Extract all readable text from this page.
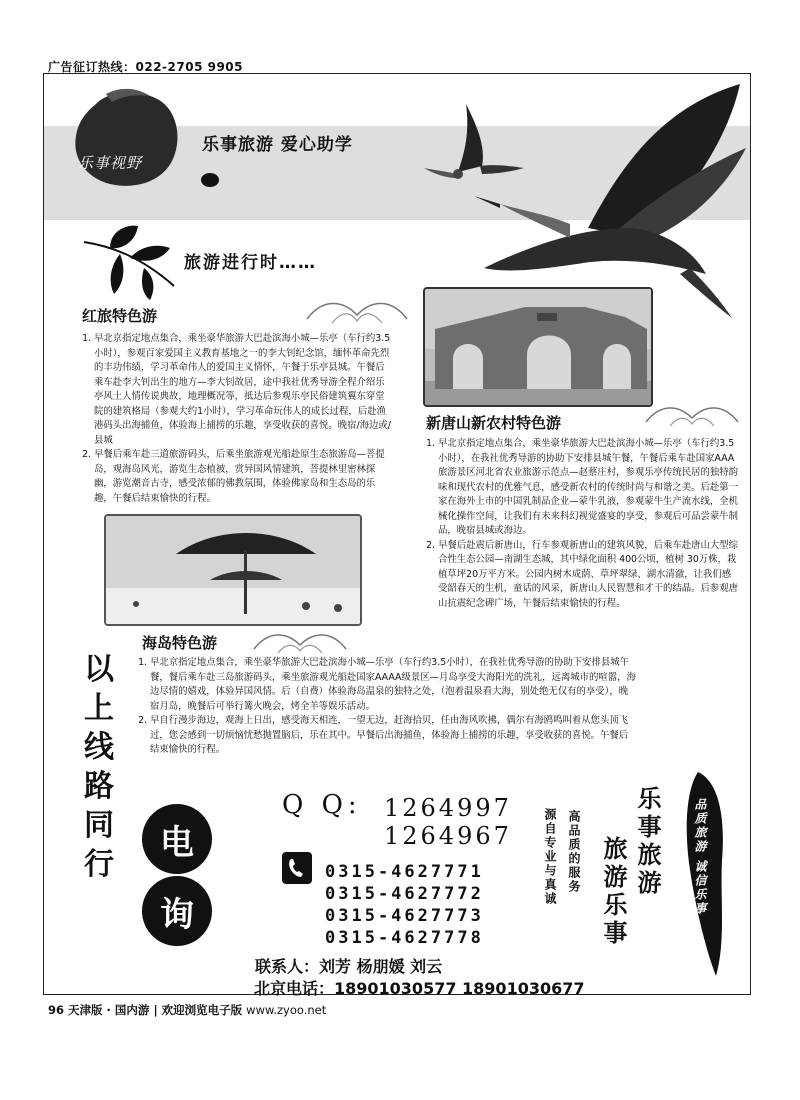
广告征订热线：022-2705 9905
乐事视野
乐事旅游 爱心助学
旅游进行时……
红旅特色游
1. 早北京指定地点集合，乘坐豪华旅游大巴赴滨海小城—乐亭（车行约3.5小时），参观百家爱国主义教育基地之一的李大钊纪念馆，缅怀革命先烈的丰功伟绩，学习革命伟人的爱国主义情怀，午餐于乐亭县城。午餐后乘车赴李大钊出生的地方—李大钊故居，途中我社优秀导游全程介绍乐亭风土人情传说典故，地理概况等，抵达后参观乐亭民俗建筑翼东穿堂院的建筑格局（参观大约1小时），学习革命玩伟人的成长过程，后赴渔港码头出海捕鱼，体验海上捕捞的乐趣，享受收获的喜悦。晚宿/海边或/县城
2. 早餐后乘车赴三道旅游码头，后乘坐旅游观光船赴原生态旅游岛—菩提岛，观海岛风光，游览生态植被，赏异国风情建筑，菩提林里密林探幽，游览潮音古寺，感受浓郁的佛教氛围，体验佛家岛和生态岛的乐趣，午餐后结束愉快的行程。
新唐山新农村特色游
1. 早北京指定地点集合，乘坐豪华旅游大巴赴滨海小城—乐亭（车行约3.5小时），在我社优秀导游的协助下安排县城午餐，午餐后乘车赴国家AAA旅游景区河北省农业旅游示范点—赵蔡庄村，参观乐亭传统民居的独特韵味和现代农村的优雅气息，感受新农村的传统时尚与和谐之美。后赴第一家在海外上市的中国乳制品企业—蒙牛乳液，参观蒙牛生产流水线，全机械化操作空间，让我们有未来科幻视觉盛宴的享受，参观后可品尝蒙牛制品，晚宿县城或海边。
2. 早餐后赴震后新唐山，行车参观新唐山的建筑风貌，后乘车赴唐山大型综合性生态公园—南湖生态城，其中绿化面积 400公顷，植树 30万株，栽植草坪20万平方米。公园内树木成荫、草坪翠绿、湖水清澈，让我们感受韶春天的生机，童话的风采，新唐山人民智慧和才干的结晶。后参观唐山抗震纪念碑广场，午餐后结束愉快的行程。
海岛特色游
1. 早北京指定地点集合，乘坐豪华旅游大巴赴滨海小城—乐亭（车行约3.5小时），在我社优秀导游的协助下安排县城午餐，餐后乘车赴三岛旅游码头，乘坐旅游观光船赴国家AAAA级景区—月岛享受大海阳光的洗礼，远离城市的喧嚣，海边尽情的嬉戏，体验异国风情。后（自费）体验海岛温泉的独特之处，（泡着温泉看大海，别处绝无仅有的享受），晚宿月岛，晚餐后可举行篝火晚会，烤全羊等娱乐活动。
2. 早自行漫步海边，观海上日出，感受海天相连，一望无边，赶海拾贝，任由海风吹拂，偶尔有海鸥鸣叫着从您头顶飞过，您会感到一切烦恼忧愁抛置脑后，乐在其中。早餐后出海捕鱼，体验海上捕捞的乐趣，享受收获的喜悦。午餐后结束愉快的行程。
以上线路同行
电
询
Q Q: 1264997
1264967
0315-4627771
0315-4627772
0315-4627773
0315-4627778
联系人：刘芳 杨朋媛 刘云
北京电话：18901030577 18901030677
高品质的服务
源自专业与真诚	乐事旅游
旅游乐事	品质旅游 诚信乐事
96 天津版 · 国内游 | 欢迎浏览电子版 www.zyoo.net
